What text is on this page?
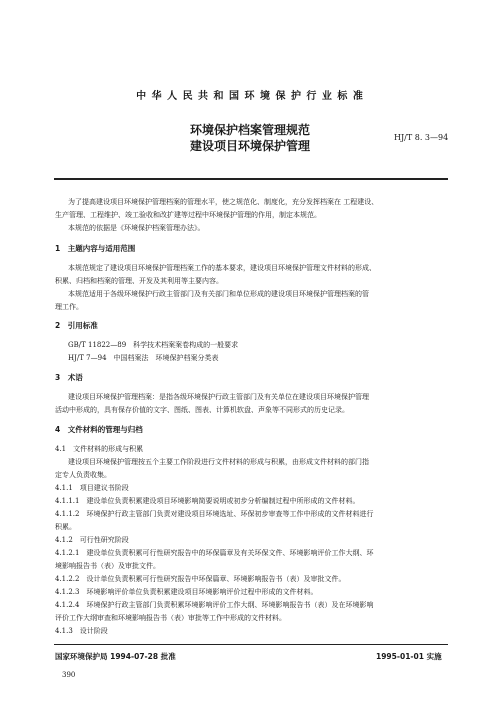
中 华 人 民 共 和 国 环 境 保 护 行 业 标 准
环境保护档案管理规范
建设项目环境保护管理
HJ/T 8. 3—94
为了提高建设项目环境保护管理档案的管理水平，使之规范化、制度化，充分发挥档案在 工程建设、
生产管理、工程维护、竣工验收和改扩建等过程中环境保护管理的作用，制定本规范。
本规范的依据是《环境保护档案管理办法》。
1　主题内容与适用范围
本规范规定了建设项目环境保护管理档案工作的基本要求，建设项目环境保护管理文件材料的形成、
积累、归档和档案的管理、开发及其利用等主要内容。
本规范适用于各级环境保护行政主管部门及有关部门和单位形成的建设项目环境保护管理档案的管
理工作。
2　引用标准
GB/T 11822—89　科学技术档案案卷构成的一般要求
HJ/T 7—94　中国档案法　环境保护档案分类表
3　术语
建设项目环境保护管理档案：是指各级环境保护行政主管部门及有关单位在建设项目环境保护管理
活动中形成的，具有保存价值的文字、图纸、图表、计算机软盘、声象等不同形式的历史记录。
4　文件材料的管理与归档
4.1　文件材料的形成与积累
建设项目环境保护管理按五个主要工作阶段进行文件材料的形成与积累，由形成文件材料的部门指
定专人负责收集。
4.1.1　项目建议书阶段
4.1.1.1　建设单位负责积累建设项目环境影响简要说明或初步分析编制过程中所形成的文件材料。
4.1.1.2　环境保护行政主管部门负责对建设项目环境选址、环保初步审查等工作中形成的文件材料进行
积累。
4.1.2　可行性研究阶段
4.1.2.1　建设单位负责积累可行性研究报告中的环保篇章及有关环保文件、环境影响评价工作大纲、环
境影响报告书（表）及审批文件。
4.1.2.2　设计单位负责积累可行性研究报告中环保篇章、环境影响报告书（表）及审批文件。
4.1.2.3　环境影响评价单位负责积累建设项目环境影响评价过程中形成的文件材料。
4.1.2.4　环境保护行政主管部门负责积累环境影响评价工作大纲、环境影响报告书（表）及在环境影响
评价工作大纲审查和环境影响报告书（表）审批等工作中形成的文件材料。
4.1.3　设计阶段
国家环境保护局 1994-07-28 批准	1995-01-01 实施
390
